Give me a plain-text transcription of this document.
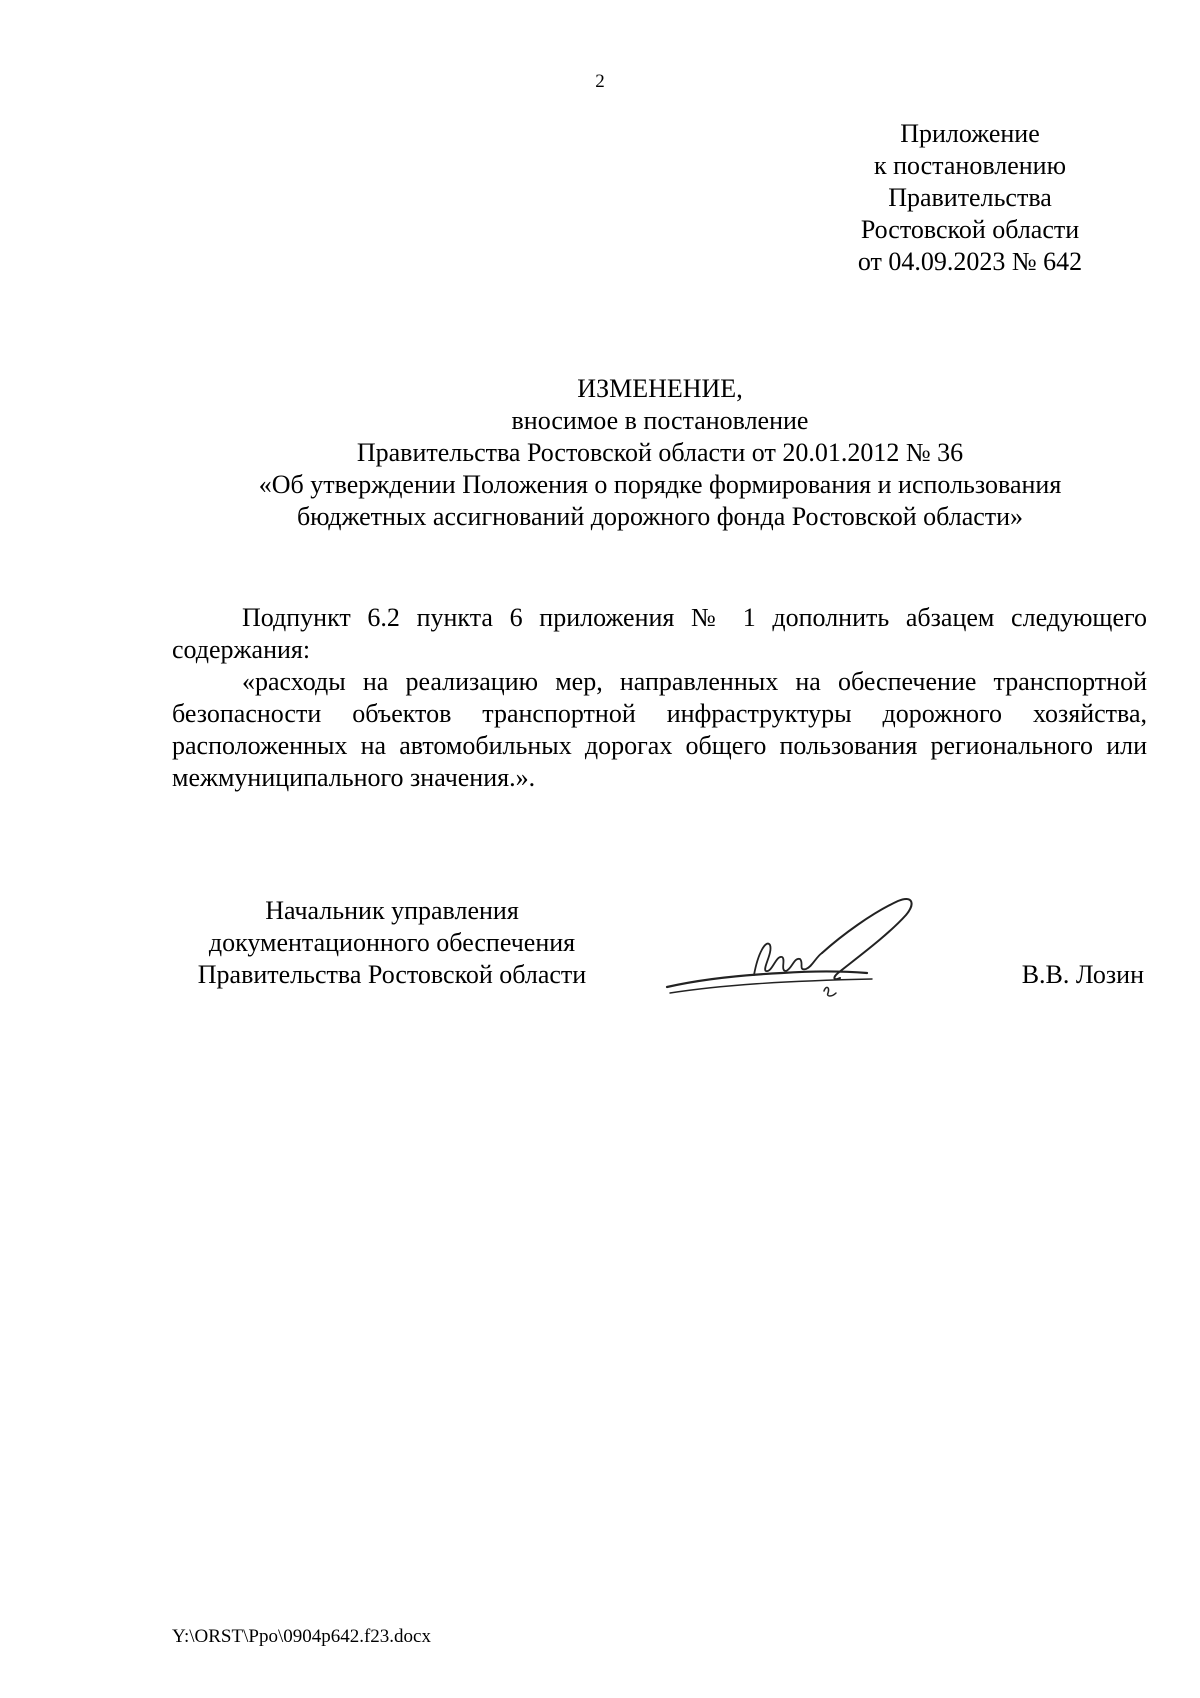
2
Приложение
к постановлению
Правительства
Ростовской области
от 04.09.2023 № 642
ИЗМЕНЕНИЕ,
вносимое в постановление
Правительства Ростовской области от 20.01.2012 № 36
«Об утверждении Положения о порядке формирования и использования
бюджетных ассигнований дорожного фонда Ростовской области»

Подпункт 6.2 пункта 6 приложения № 1 дополнить абзацем следующего содержания:

«расходы на реализацию мер, направленных на обеспечение транспортной безопасности объектов транспортной инфраструктуры дорожного хозяйства, расположенных на автомобильных дорогах общего пользования регионального или межмуниципального значения.».

Начальник управления
документационного обеспечения
Правительства Ростовской области	В.В. Лозин
Y:\ORST\Ppo\0904p642.f23.docx
